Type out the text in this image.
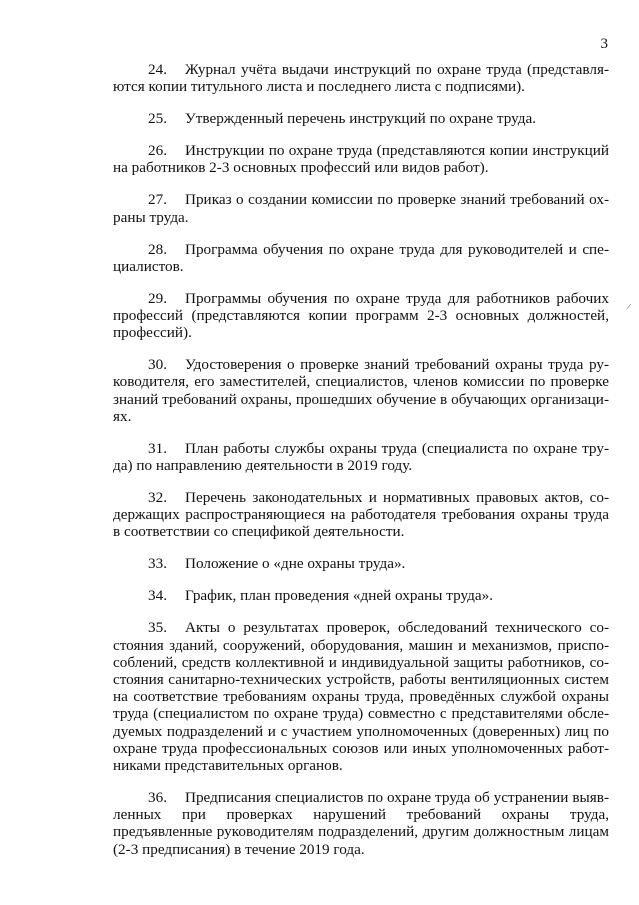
3
/

24. Журнал учёта выдачи инструкций по охране труда (представляются копии титульного листа и последнего листа с подписями).

25. Утвержденный перечень инструкций по охране труда.

26. Инструкции по охране труда (представляются копии инструкций на работников 2-3 основных профессий или видов работ).

27. Приказ о создании комиссии по проверке знаний требований охраны труда.

28. Программа обучения по охране труда для руководителей и специалистов.

29. Программы обучения по охране труда для работников рабочих профессий (представляются копии программ 2-3 основных должностей, профессий).

30. Удостоверения о проверке знаний требований охраны труда руководителя, его заместителей, специалистов, членов комиссии по проверке знаний требований охраны, прошедших обучение в обучающих организациях.

31. План работы службы охраны труда (специалиста по охране труда) по направлению деятельности в 2019 году.

32. Перечень законодательных и нормативных правовых актов, содержащих распространяющиеся на работодателя требования охраны труда в соответствии со спецификой деятельности.

33. Положение о «дне охраны труда».

34. График, план проведения «дней охраны труда».

35. Акты о результатах проверок, обследований технического состояния зданий, сооружений, оборудования, машин и механизмов, приспособлений, средств коллективной и индивидуальной защиты работников, состояния санитарно-технических устройств, работы вентиляционных систем на соответствие требованиям охраны труда, проведённых службой охраны труда (специалистом по охране труда) совместно с представителями обследуемых подразделений и с участием уполномоченных (доверенных) лиц по охране труда профессиональных союзов или иных уполномоченных работниками представительных органов.

36. Предписания специалистов по охране труда об устранении выявленных при проверках нарушений требований охраны труда, предъявленные руководителям подразделений, другим должностным лицам (2-3 предписания) в течение 2019 года.
